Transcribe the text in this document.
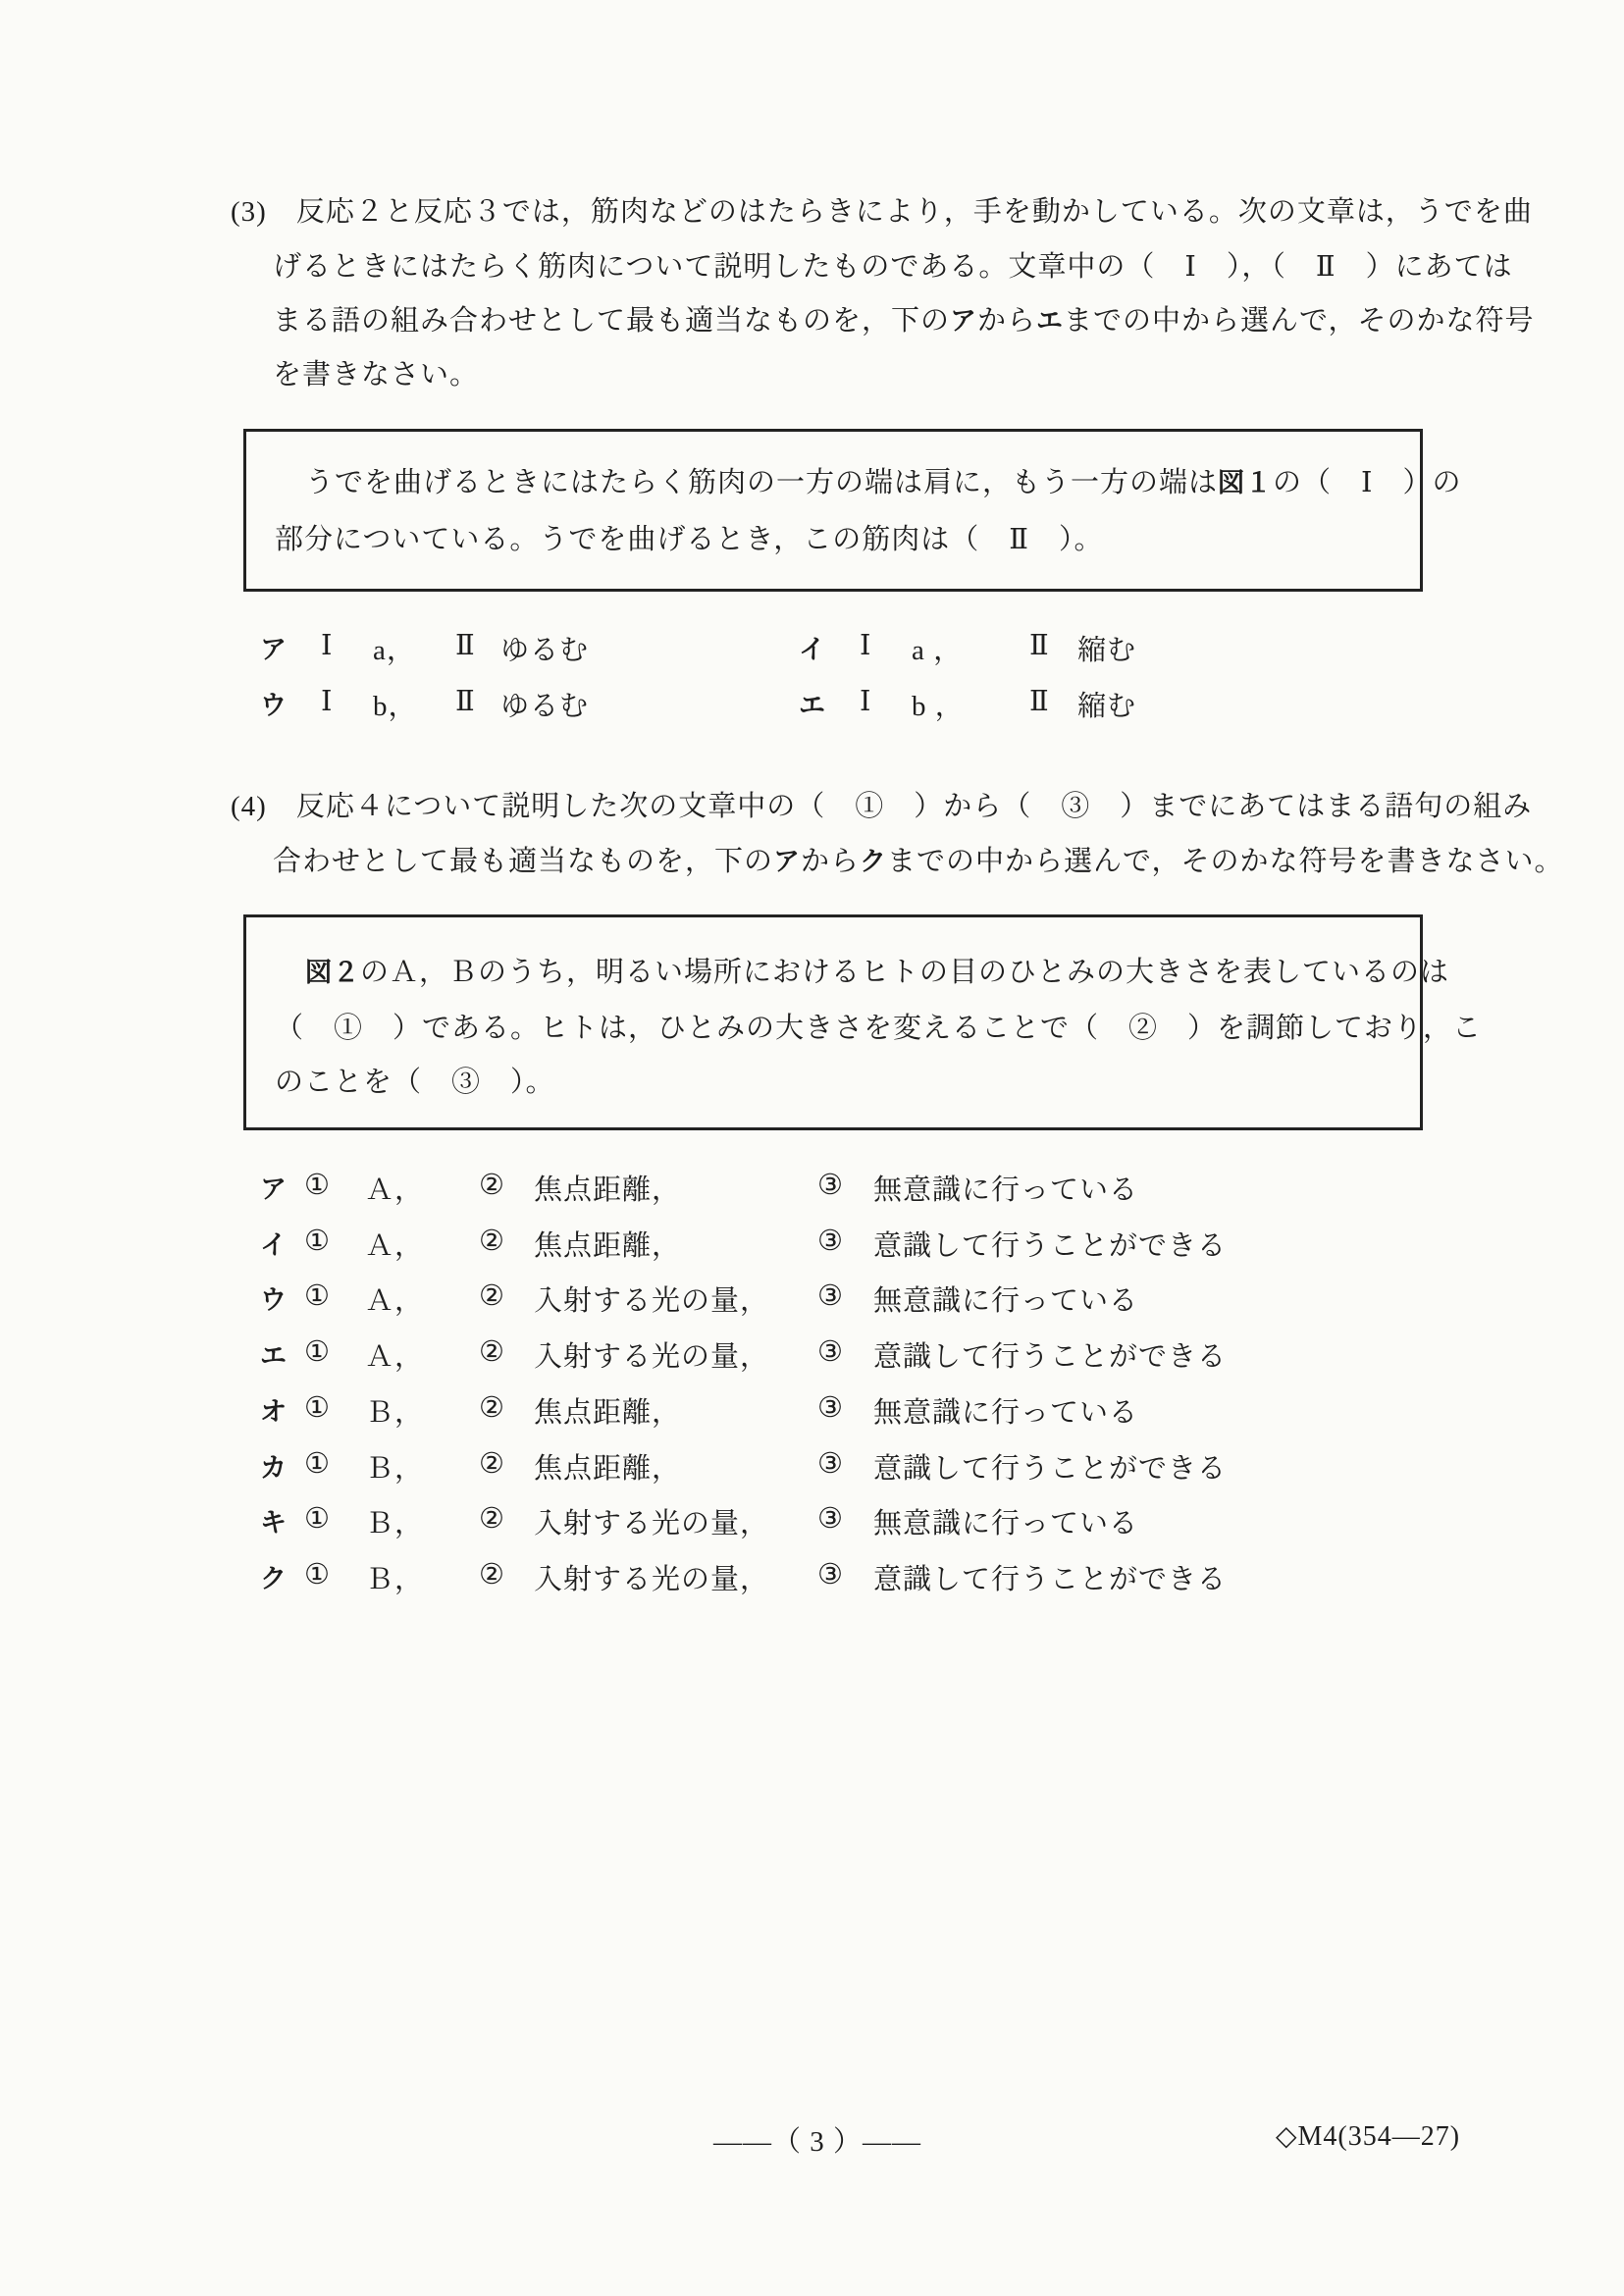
(3)　反応２と反応３では，筋肉などのはたらきにより，手を動かしている。次の文章は，うでを曲
げるときにはたらく筋肉について説明したものである。文章中の（　Ⅰ　），（　Ⅱ　）にあては
まる語の組み合わせとして最も適当なものを，下のアからエまでの中から選んで，そのかな符号
を書きなさい。
うでを曲げるときにはたらく筋肉の一方の端は肩に，もう一方の端は図１の（　Ⅰ　）の
部分についている。うでを曲げるとき，この筋肉は（　Ⅱ　）。
ア	Ⅰ	a，	Ⅱ ゆるむ	イ	Ⅰ	a ，	Ⅱ 縮む
ウ	Ⅰ	b，	Ⅱ ゆるむ	エ	Ⅰ	b ，	Ⅱ 縮む
(4)　反応４について説明した次の文章中の（　①　）から（　③　）までにあてはまる語句の組み
合わせとして最も適当なものを，下のアからクまでの中から選んで，そのかな符号を書きなさい。
図２のＡ，Ｂのうち，明るい場所におけるヒトの目のひとみの大きさを表しているのは
（　①　）である。ヒトは，ひとみの大きさを変えることで（　②　）を調節しており，こ
のことを（　③　）。
ア ①	Ａ，	②	焦点距離，	③	無意識に行っている
イ ①	Ａ，	②	焦点距離，	③	意識して行うことができる
ウ ①	Ａ，	②	入射する光の量，	③	無意識に行っている
エ ①	Ａ，	②	入射する光の量，	③	意識して行うことができる
オ ①	Ｂ，	②	焦点距離，	③	無意識に行っている
カ ①	Ｂ，	②	焦点距離，	③	意識して行うことができる
キ ①	Ｂ，	②	入射する光の量，	③	無意識に行っている
ク ①	Ｂ，	②	入射する光の量，	③	意識して行うことができる
――（ 3 ）――	◇M4(354―27)
